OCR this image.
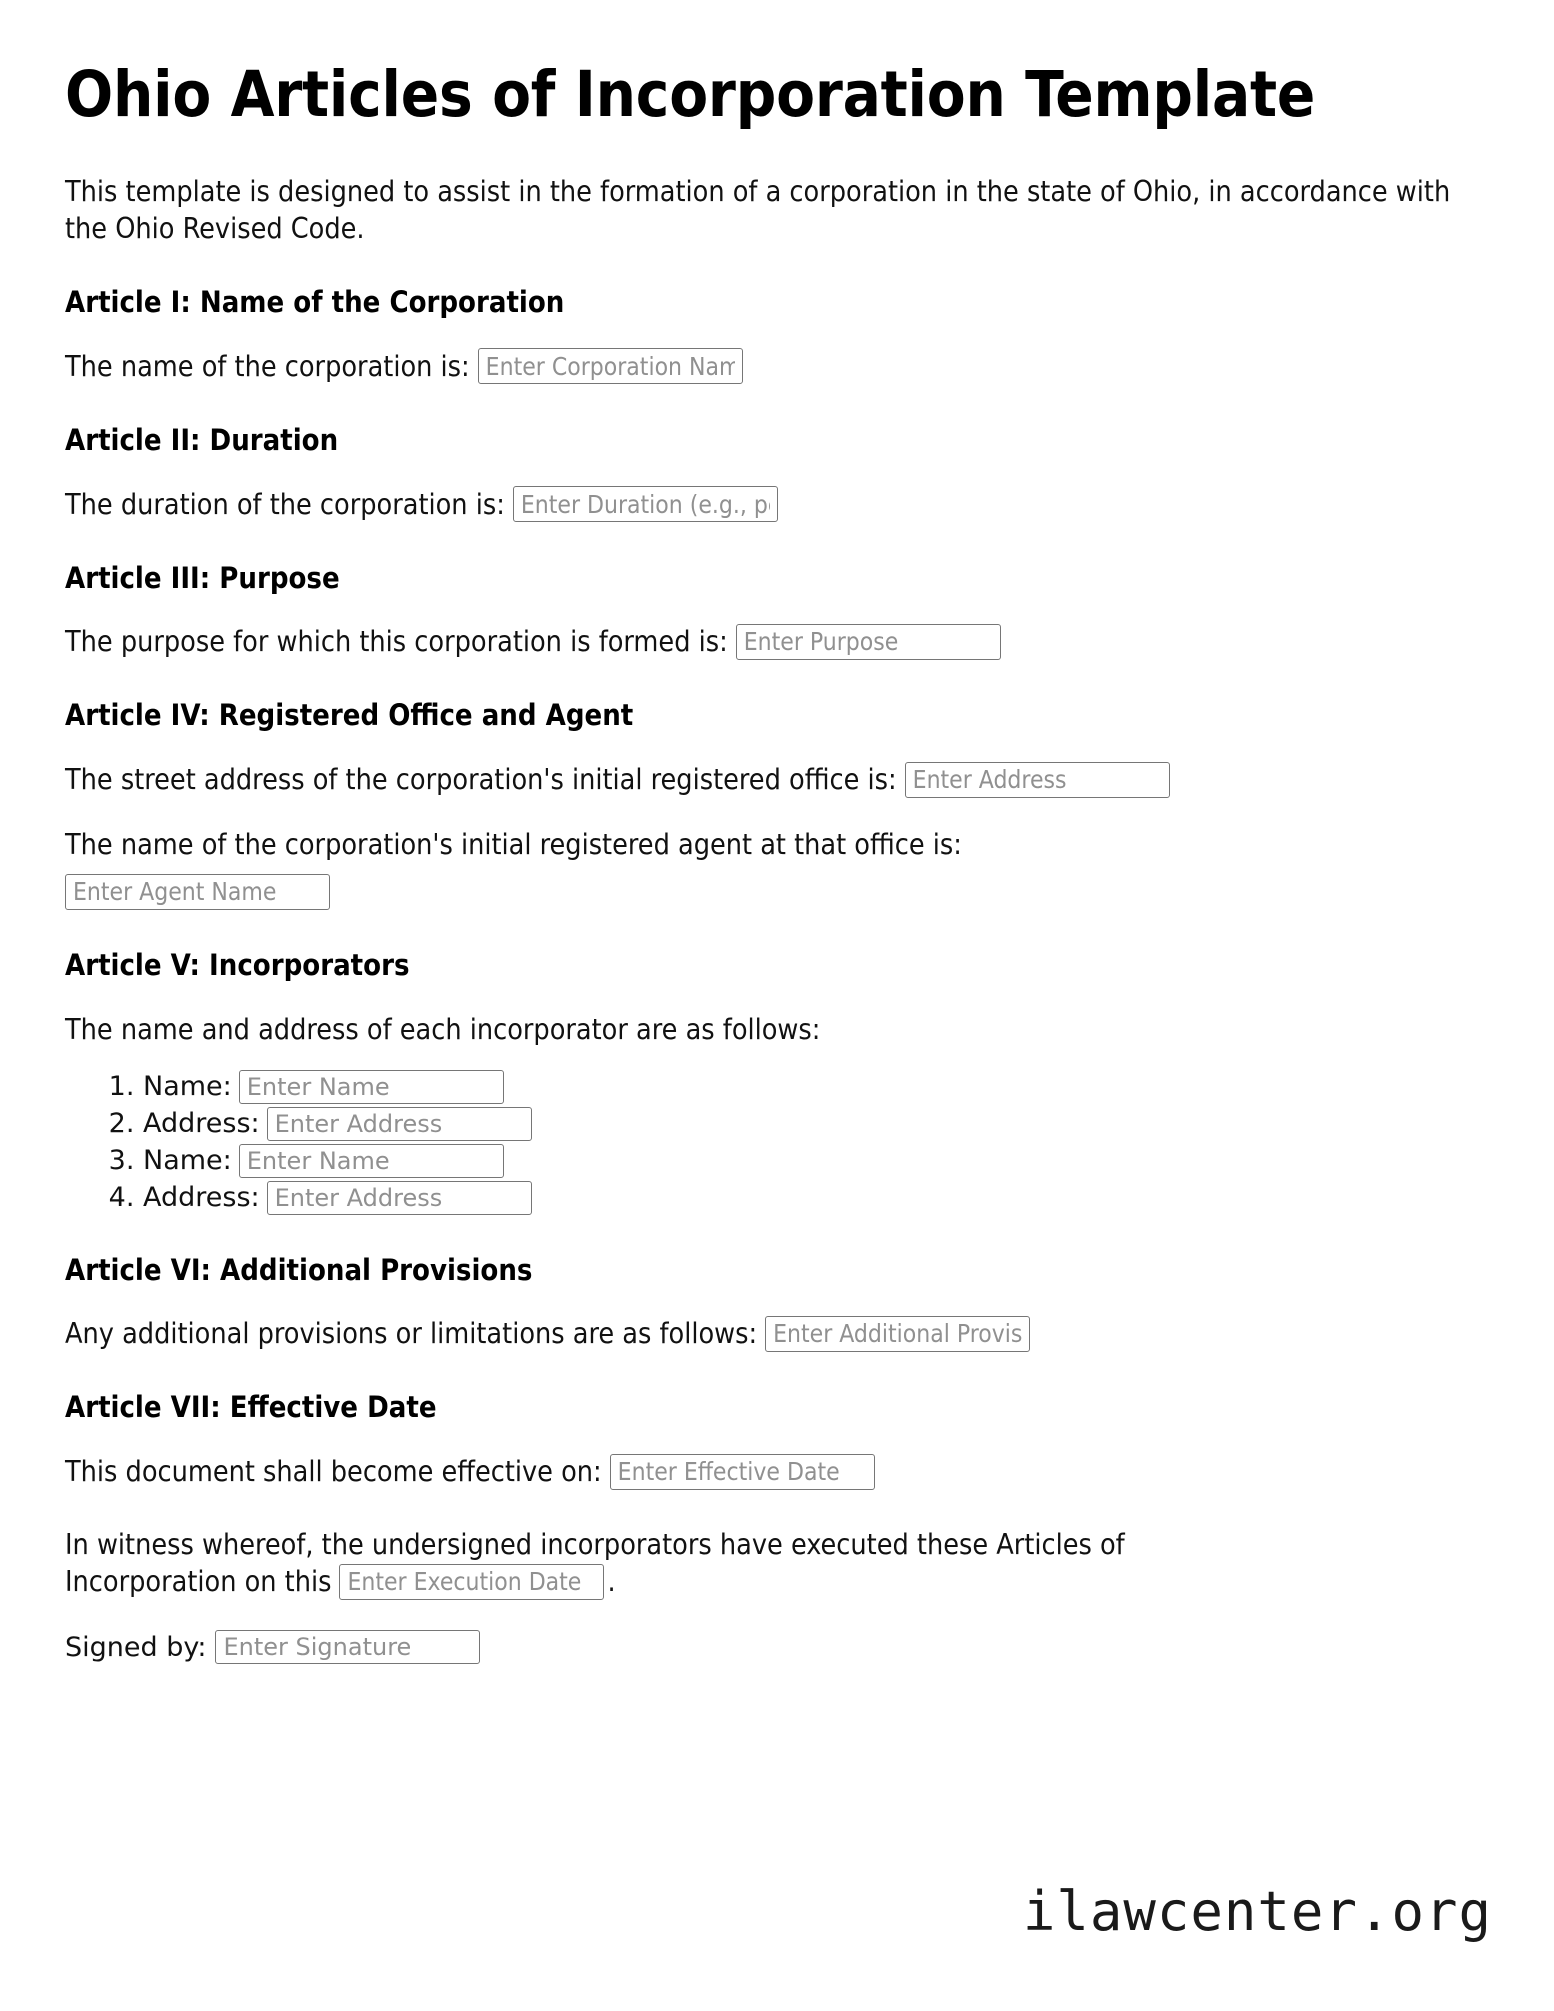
Ohio Articles of Incorporation Template

This template is designed to assist in the formation of a corporation in the state of Ohio, in accordance with the Ohio Revised Code.

Article I: Name of the Corporation
The name of the corporation is:
Enter Corporation Name
Article II: Duration
The duration of the corporation is:
Enter Duration (e.g., perpetual)
Article III: Purpose
The purpose for which this corporation is formed is:
Enter Purpose
Article IV: Registered Office and Agent
The street address of the corporation's initial registered office is:
Enter Address
The name of the corporation's initial registered agent at that office is:
Enter Agent Name
Article V: Incorporators

The name and address of each incorporator are as follows:

1. Name:
Enter Name
2. Address:
Enter Address
3. Name:
Enter Name
4. Address:
Enter Address
Article VI: Additional Provisions
Any additional provisions or limitations are as follows:
Enter Additional Provisions
Article VII: Effective Date
This document shall become effective on:
Enter Effective Date
In witness whereof, the undersigned incorporators have executed these Articles of
Incorporation on this
Enter Execution Date	.
Signed by:
Enter Signature
ilawcenter.org
